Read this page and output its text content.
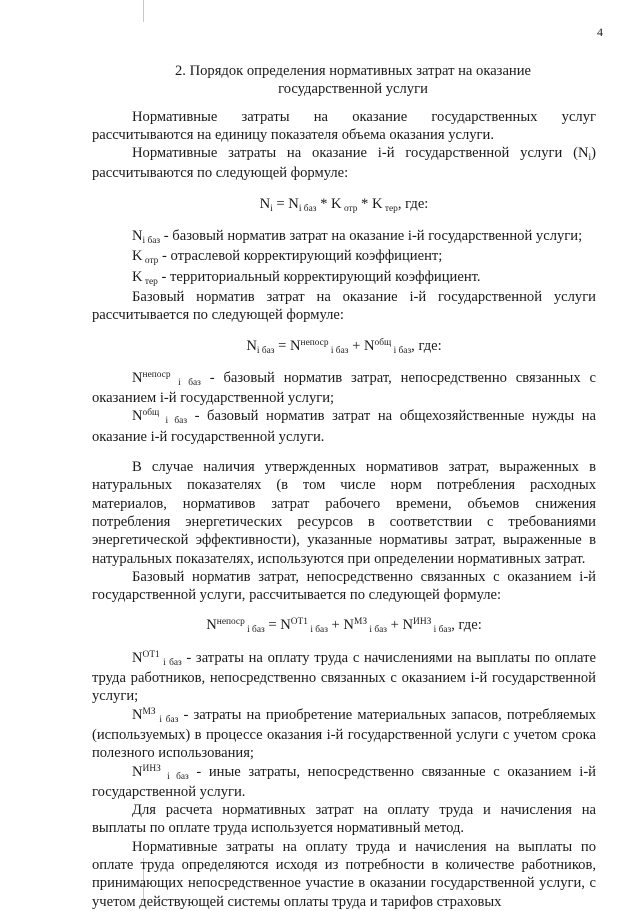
4

2. Порядок определения нормативных затрат на оказание
государственной услуги

Нормативные затраты на оказание государственных услуг рассчитываются на единицу показателя объема оказания услуги.

Нормативные затраты на оказание i-й государственной услуги $(N_i)$ рассчитываются по следующей формуле:

$N_i = N_{i баз} * K$ $_{отр}$ * K $_{тер}$, где:

$N_{i баз}$ - базовый норматив затрат на оказание i-й государственной услуги;

K $_{отр}$ - отраслевой корректирующий коэффициент;

K $_{тер}$ - территориальный корректирующий коэффициент.

Базовый норматив затрат на оказание i-й государственной услуги рассчитывается по следующей формуле:

$N_{i баз} = N^{непоср}$ $_{i баз} + N^{общ}$ $_{i баз}$, где:

$N^{непоср}$ $_{i баз}$ - базовый норматив затрат, непосредственно связанных с оказанием i-й государственной услуги;

$N^{общ}$ $_{i баз}$ - базовый норматив затрат на общехозяйственные нужды на оказание i-й государственной услуги.

В случае наличия утвержденных нормативов затрат, выраженных в натуральных показателях (в том числе норм потребления расходных материалов, нормативов затрат рабочего времени, объемов снижения потребления энергетических ресурсов в соответствии с требованиями энергетической эффективности), указанные нормативы затрат, выраженные в натуральных показателях, используются при определении нормативных затрат.

Базовый норматив затрат, непосредственно связанных с оказанием i-й государственной услуги, рассчитывается по следующей формуле:

$N^{непоср}$ $_{i баз} = N^{ОТ1}$ $_{i баз} + N^{МЗ}$ $_{i баз} + N^{ИНЗ}$ $_{i баз}$, где:

$N^{ОТ1}$ $_{i баз}$ - затраты на оплату труда с начислениями на выплаты по оплате труда работников, непосредственно связанных с оказанием i-й государственной услуги;

$N^{МЗ}$ $_{i баз}$ - затраты на приобретение материальных запасов, потребляемых (используемых) в процессе оказания i-й государственной услуги с учетом срока полезного использования;

$N^{ИНЗ}$ $_{i баз}$ - иные затраты, непосредственно связанные с оказанием i-й государственной услуги.

Для расчета нормативных затрат на оплату труда и начисления на выплаты по оплате труда используется нормативный метод.

Нормативные затраты на оплату труда и начисления на выплаты по оплате труда определяются исходя из потребности в количестве работников, принимающих непосредственное участие в оказании государственной услуги, с учетом действующей системы оплаты труда и тарифов страховых
